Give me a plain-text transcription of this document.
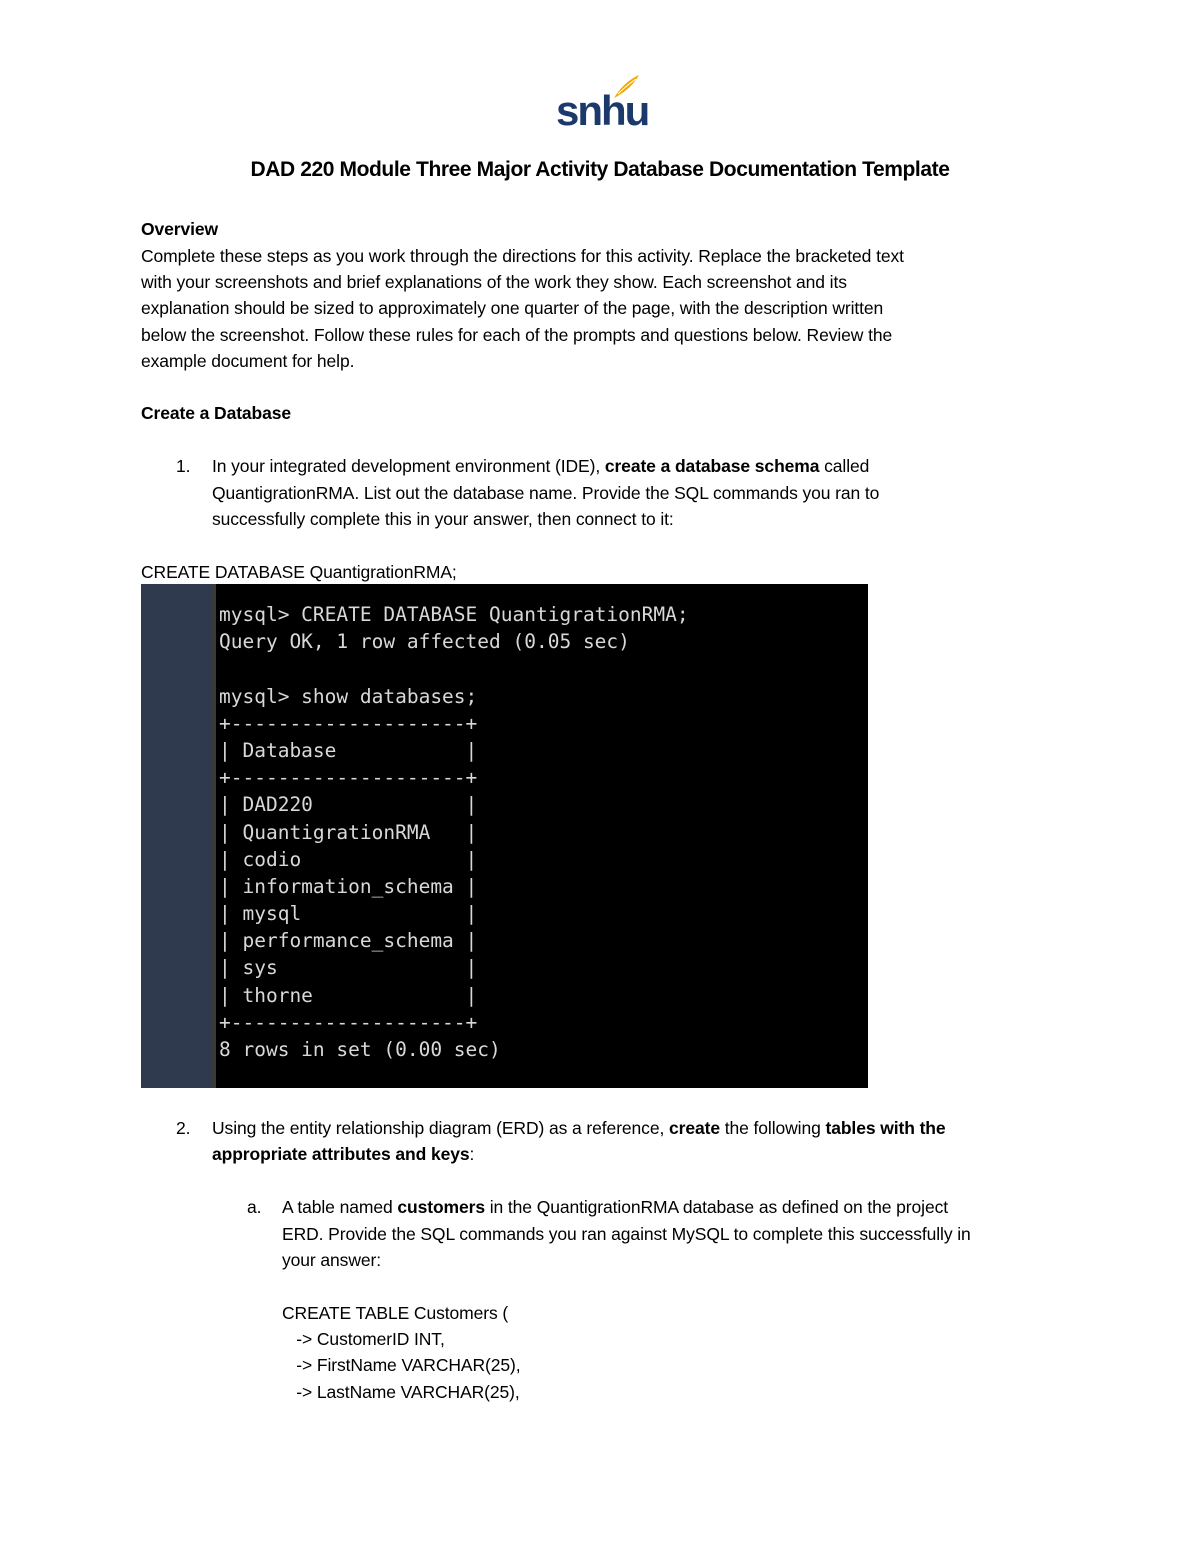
snhu
DAD 220 Module Three Major Activity Database Documentation Template
Overview
Complete these steps as you work through the directions for this activity. Replace the bracketed text
with your screenshots and brief explanations of the work they show. Each screenshot and its
explanation should be sized to approximately one quarter of the page, with the description written
below the screenshot. Follow these rules for each of the prompts and questions below. Review the
example document for help.
Create a Database
1. In your integrated development environment (IDE), create a database schema called
QuantigrationRMA. List out the database name. Provide the SQL commands you ran to
successfully complete this in your answer, then connect to it:
CREATE DATABASE QuantigrationRMA;
mysql> CREATE DATABASE QuantigrationRMA;
Query OK, 1 row affected (0.05 sec)
mysql> show databases;
+--------------------+
| Database           |
+--------------------+
| DAD220             |
| QuantigrationRMA   |
| codio              |
| information_schema |
| mysql              |
| performance_schema |
| sys                |
| thorne             |
+--------------------+
8 rows in set (0.00 sec)
2. Using the entity relationship diagram (ERD) as a reference, create the following tables with the
appropriate attributes and keys:
a. A table named customers in the QuantigrationRMA database as defined on the project
ERD. Provide the SQL commands you ran against MySQL to complete this successfully in
your answer:
CREATE TABLE Customers (
-> CustomerID INT,
-> FirstName VARCHAR(25),
-> LastName VARCHAR(25),
